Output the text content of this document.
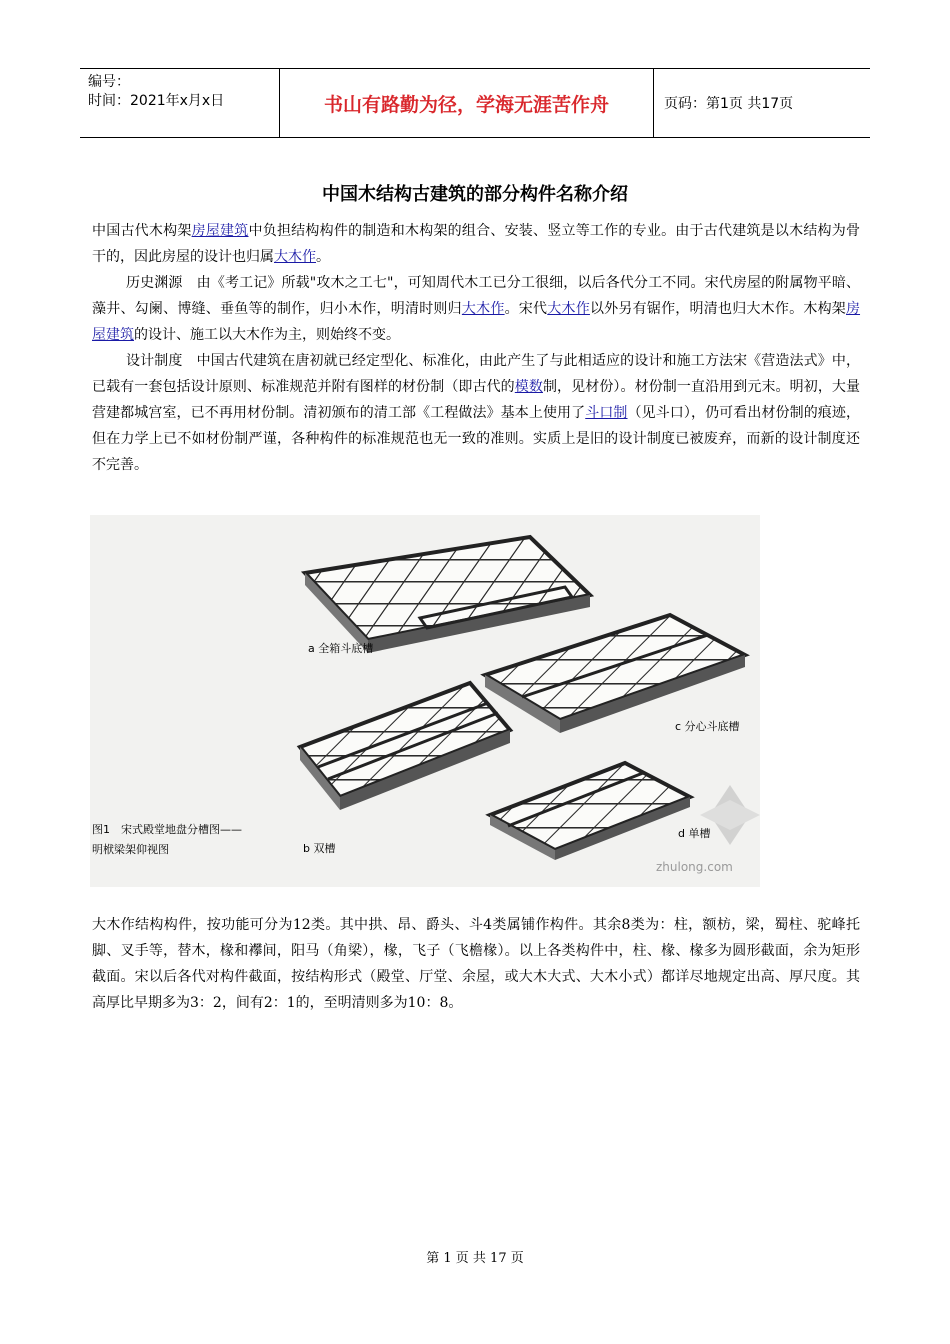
编号：
时间：2021年x月x日	书山有路勤为径，学海无涯苦作舟	页码：第1页 共17页
中国木结构古建筑的部分构件名称介绍

中国古代木构架房屋建筑中负担结构构件的制造和木构架的组合、安装、竖立等工作的专业。由于古代建筑是以木结构为骨干的，因此房屋的设计也归属大木作。

历史渊源　由《考工记》所载"攻木之工七"，可知周代木工已分工很细，以后各代分工不同。宋代房屋的附属物平暗、藻井、勾阑、博缝、垂鱼等的制作，归小木作，明清时则归大木作。宋代大木作以外另有锯作，明清也归大木作。木构架房屋建筑的设计、施工以大木作为主，则始终不变。

设计制度　中国古代建筑在唐初就已经定型化、标准化，由此产生了与此相适应的设计和施工方法宋《营造法式》中，已载有一套包括设计原则、标准规范并附有图样的材份制（即古代的模数制，见材份）。材份制一直沿用到元末。明初，大量营建都城宫室，已不再用材份制。清初颁布的清工部《工程做法》基本上使用了斗口制（见斗口），仍可看出材份制的痕迹，但在力学上已不如材份制严谨，各种构件的标准规范也无一致的准则。实质上是旧的设计制度已被废弃，而新的设计制度还不完善。

a 全箱斗底槽
c 分心斗底槽
b 双槽
d 单槽
图1　宋式殿堂地盘分槽图——
明栿梁架仰视图
zhulong.com

大木作结构构件，按功能可分为12类。其中拱、昂、爵头、斗4类属铺作构件。其余8类为：柱，额枋，梁，蜀柱、驼峰托脚、叉手等，替木，椽和襻间，阳马（角梁），椽，飞子（飞檐椽）。以上各类构件中，柱、椽、椽多为圆形截面，余为矩形截面。宋以后各代对构件截面，按结构形式（殿堂、厅堂、余屋，或大木大式、大木小式）都详尽地规定出高、厚尺度。其高厚比早期多为3：2，间有2：1的，至明清则多为10：8。

第 1 页 共 17 页
